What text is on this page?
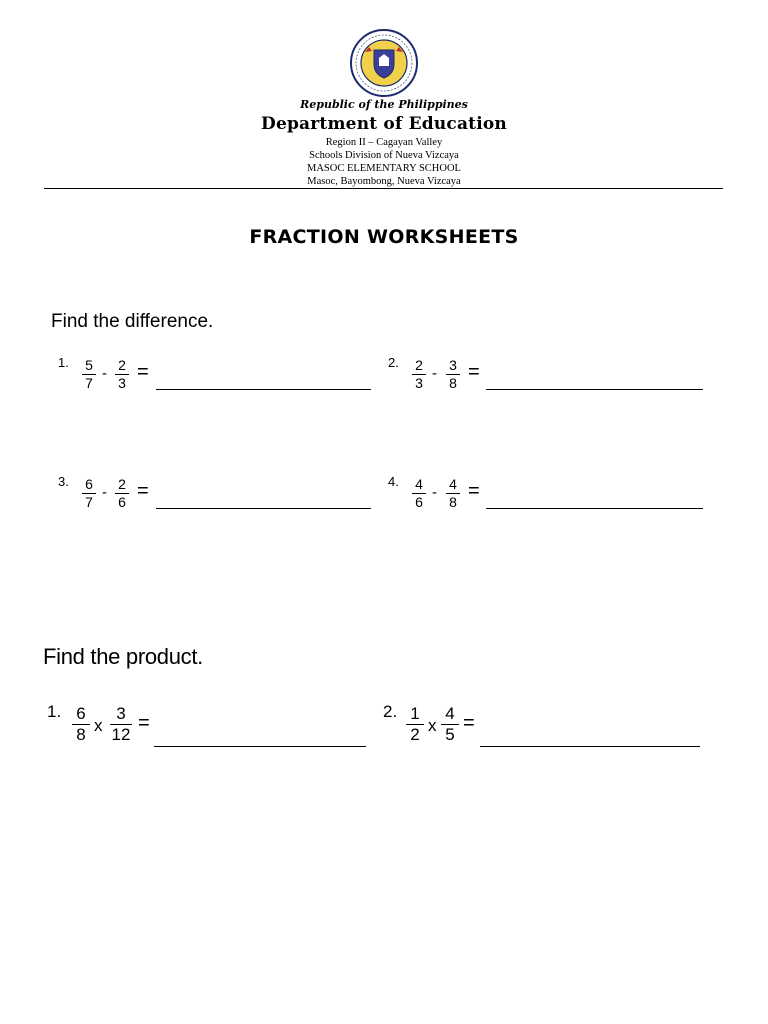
Republic of the Philippines

Department of Education

Region II – Cagayan Valley

Schools Division of Nueva Vizcaya

MASOC ELEMENTARY SCHOOL

Masoc, Bayombong, Nueva Vizcaya

FRACTION WORKSHEETS
Find the difference.
1.	5
7
- 2
3 =	2.	2
3
- 3
8 =
3.	6
7
- 2
6 =	4.	4
6
- 4
8 =
Find the product.
1. 6
8 x
3
12
=
2. 1
2 x
4
5
=
